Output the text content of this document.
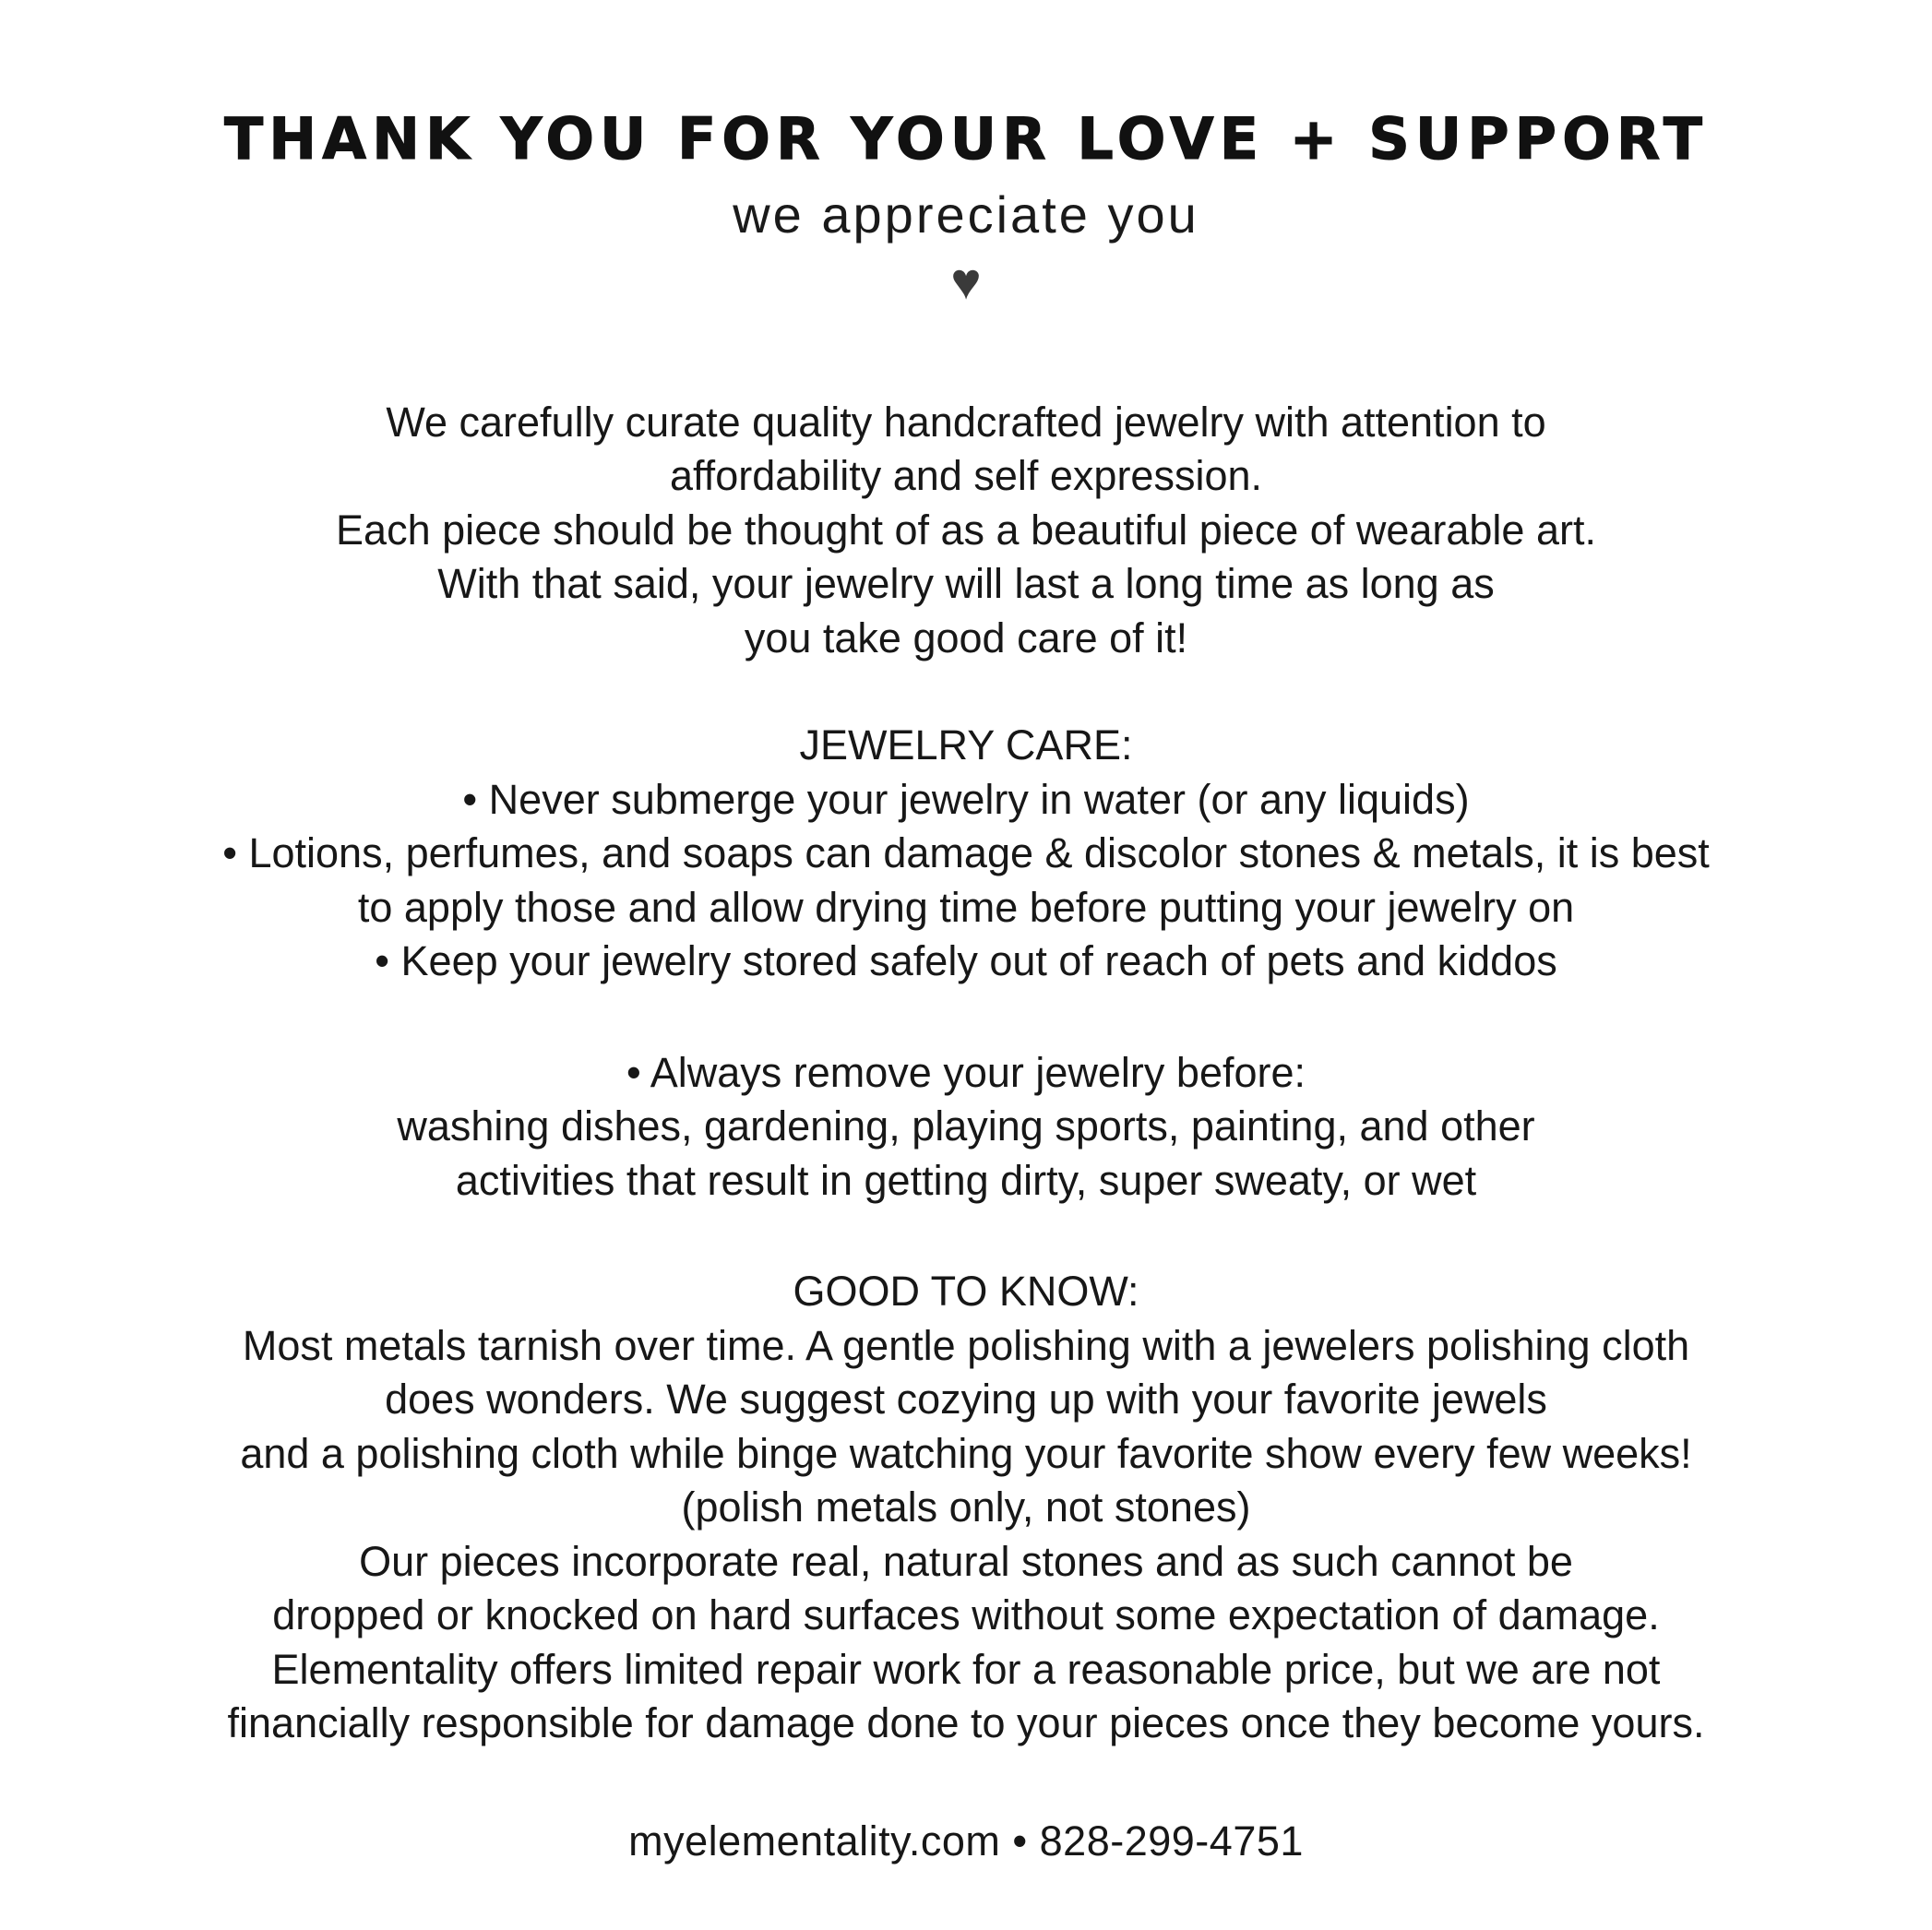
THANK YOU FOR YOUR LOVE + SUPPORT
we appreciate you
♥
We carefully curate quality handcrafted jewelry with attention to
affordability and self expression.
Each piece should be thought of as a beautiful piece of wearable art.
With that said, your jewelry will last a long time as long as
you take good care of it!
JEWELRY CARE:
• Never submerge your jewelry in water (or any liquids)
• Lotions, perfumes, and soaps can damage & discolor stones & metals, it is best
to apply those and allow drying time before putting your jewelry on
• Keep your jewelry stored safely out of reach of pets and kiddos
• Always remove your jewelry before:
washing dishes, gardening, playing sports, painting, and other
activities that result in getting dirty, super sweaty, or wet
GOOD TO KNOW:
Most metals tarnish over time. A gentle polishing with a jewelers polishing cloth
does wonders. We suggest cozying up with your favorite jewels
and a polishing cloth while binge watching your favorite show every few weeks!
(polish metals only, not stones)
Our pieces incorporate real, natural stones and as such cannot be
dropped or knocked on hard surfaces without some expectation of damage.
Elementality offers limited repair work for a reasonable price, but we are not
financially responsible for damage done to your pieces once they become yours.
myelementality.com • 828-299-4751
